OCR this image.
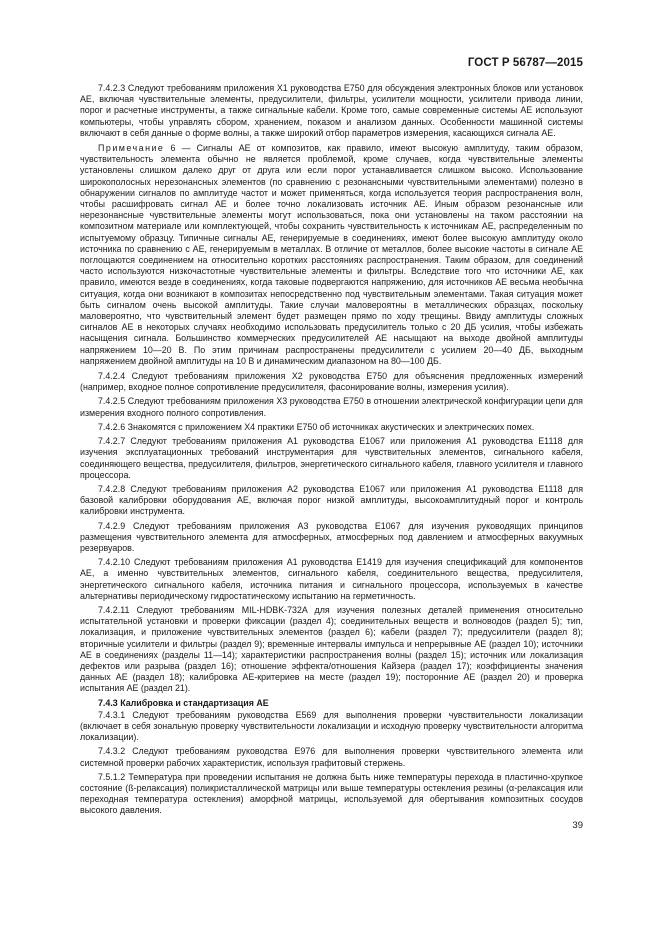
ГОСТ Р 56787—2015

7.4.2.3 Следуют требованиям приложения X1 руководства E750 для обсуждения электронных блоков или установок АЕ, включая чувствительные элементы, предусилители, фильтры, усилители мощности, усилители привода линии, порог и расчетные инструменты, а также сигнальные кабели. Кроме того, самые современные системы АЕ используют компьютеры, чтобы управлять сбором, хранением, показом и анализом данных. Особенности машинной системы включают в себя данные о форме волны, а также широкий отбор параметров измерения, касающихся сигнала АЕ.

Примечание 6 — Сигналы АЕ от композитов, как правило, имеют высокую амплитуду, таким образом, чувствительность элемента обычно не является проблемой, кроме случаев, когда чувствительные элементы установлены слишком далеко друг от друга или если порог устанавливается слишком высоко. Использование широкополосных нерезонансных элементов (по сравнению с резонансными чувствительными элементами) полезно в обнаружении сигналов по амплитуде частот и может применяться, когда используется теория распространения волн, чтобы расшифровать сигнал АЕ и более точно локализовать источник АЕ. Иным образом резонансные или нерезонансные чувствительные элементы могут использоваться, пока они установлены на таком расстоянии на композитном материале или комплектующей, чтобы сохранить чувствительность к источникам АЕ, распределенным по испытуемому образцу. Типичные сигналы АЕ, генерируемые в соединениях, имеют более высокую амплитуду около источника по сравнению с АЕ, генерируемым в металлах. В отличие от металлов, более высокие частоты в сигнале АЕ поглощаются соединением на относительно коротких расстояниях распространения. Таким образом, для соединений часто используются низкочастотные чувствительные элементы и фильтры. Вследствие того что источники АЕ, как правило, имеются везде в соединениях, когда таковые подвергаются напряжению, для источников АЕ весьма необычна ситуация, когда они возникают в композитах непосредственно под чувствительным элементами. Такая ситуация может быть сигналом очень высокой амплитуды. Такие случаи маловероятны в металлических образцах, поскольку маловероятно, что чувствительный элемент будет размещен прямо по ходу трещины. Ввиду амплитуды сложных сигналов АЕ в некоторых случаях необходимо использовать предусилитель только с 20 ДБ усилия, чтобы избежать насыщения сигнала. Большинство коммерческих предусилителей АЕ насыщают на выходе двойной амплитуды напряжением 10—20 В. По этим причинам распространены предусилители с усилием 20—40 ДБ, выходным напряжением двойной амплитуды на 10 В и динамическим диапазоном на 80—100 ДБ.

7.4.2.4 Следуют требованиям приложения X2 руководства E750 для объяснения предложенных измерений (например, входное полное сопротивление предусилителя, фасонирование волны, измерения усилия).

7.4.2.5 Следуют требованиям приложения X3 руководства E750 в отношении электрической конфигурации цепи для измерения входного полного сопротивления.

7.4.2.6 Знакомятся с приложением X4 практики E750 об источниках акустических и электрических помех.

7.4.2.7 Следуют требованиям приложения A1 руководства E1067 или приложения A1 руководства E1118 для изучения эксплуатационных требований инструментария для чувствительных элементов, сигнального кабеля, соединяющего вещества, предусилителя, фильтров, энергетического сигнального кабеля, главного усилителя и главного процессора.

7.4.2.8 Следуют требованиям приложения A2 руководства E1067 или приложения A1 руководства E1118 для базовой калибровки оборудования АЕ, включая порог низкой амплитуды, высокоамплитудный порог и контроль калибровки инструмента.

7.4.2.9 Следуют требованиям приложения A3 руководства E1067 для изучения руководящих принципов размещения чувствительного элемента для атмосферных, атмосферных под давлением и атмосферных вакуумных резервуаров.

7.4.2.10 Следуют требованиям приложения A1 руководства E1419 для изучения спецификаций для компонентов АЕ, а именно чувствительных элементов, сигнального кабеля, соединительного вещества, предусилителя, энергетического сигнального кабеля, источника питания и сигнального процессора, используемых в качестве альтернативы периодическому гидростатическому испытанию на герметичность.

7.4.2.11 Следуют требованиям MIL-HDBK-732A для изучения полезных деталей применения относительно испытательной установки и проверки фиксации (раздел 4); соединительных веществ и волноводов (раздел 5); тип, локализация, и приложение чувствительных элементов (раздел 6); кабели (раздел 7); предусилители (раздел 8); вторичные усилители и фильтры (раздел 9); временные интервалы импульса и непрерывные АЕ (раздел 10); источники АЕ в соединениях (разделы 11—14); характеристики распространения волны (раздел 15); источник или локализация дефектов или разрыва (раздел 16); отношение эффекта/отношения Кайзера (раздел 17); коэффициенты значения данных АЕ (раздел 18); калибровка АЕ-критериев на месте (раздел 19); посторонние АЕ (раздел 20) и проверка испытания АЕ (раздел 21).

7.4.3 Калибровка и стандартизация АЕ

7.4.3.1 Следуют требованиям руководства E569 для выполнения проверки чувствительности локализации (включает в себя зональную проверку чувствительности локализации и исходную проверку чувствительности алгоритма локализации).

7.4.3.2 Следуют требованиям руководства E976 для выполнения проверки чувствительного элемента или системной проверки рабочих характеристик, используя графитовый стержень.

7.5.1.2 Температура при проведении испытания не должна быть ниже температуры перехода в пластично-хрупкое состояние (ß-релаксация) поликристаллической матрицы или выше температуры остекления резины (α-релаксация или переходная температура остекления) аморфной матрицы, используемой для обертывания композитных сосудов высокого давления.

39
